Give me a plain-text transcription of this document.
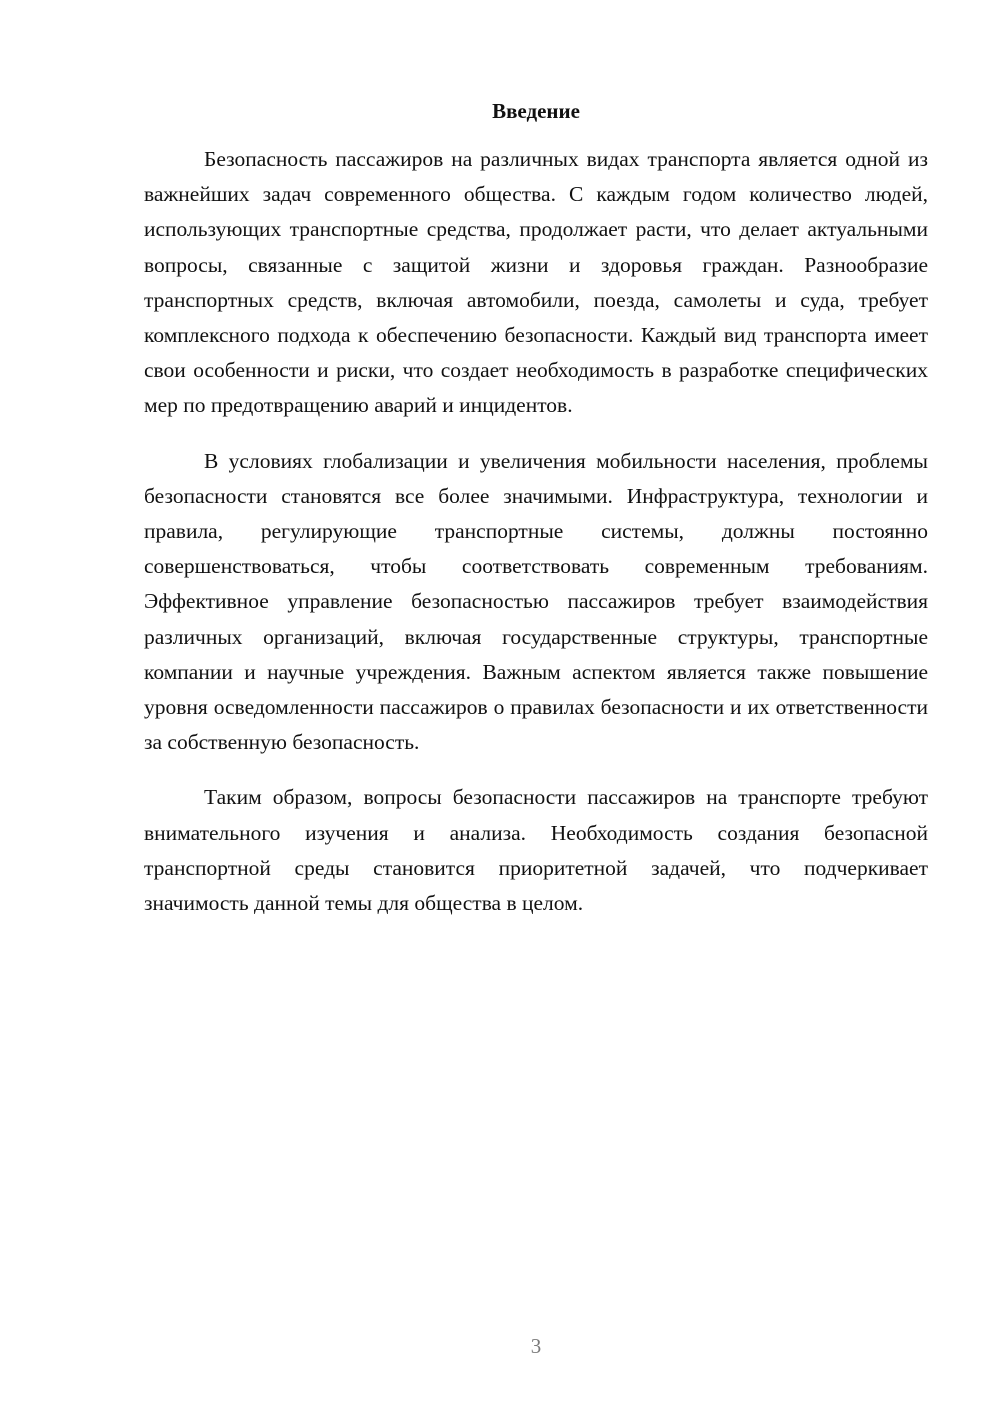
Введение

Безопасность пассажиров на различных видах транспорта является одной из важнейших задач современного общества. С каждым годом количество людей, использующих транспортные средства, продолжает расти, что делает актуальными вопросы, связанные с защитой жизни и здоровья граждан. Разнообразие транспортных средств, включая автомобили, поезда, самолеты и суда, требует комплексного подхода к обеспечению безопасности. Каждый вид транспорта имеет свои особенности и риски, что создает необходимость в разработке специфических мер по предотвращению аварий и инцидентов.

В условиях глобализации и увеличения мобильности населения, проблемы безопасности становятся все более значимыми. Инфраструктура, технологии и правила, регулирующие транспортные системы, должны постоянно совершенствоваться, чтобы соответствовать современным требованиям. Эффективное управление безопасностью пассажиров требует взаимодействия различных организаций, включая государственные структуры, транспортные компании и научные учреждения. Важным аспектом является также повышение уровня осведомленности пассажиров о правилах безопасности и их ответственности за собственную безопасность.

Таким образом, вопросы безопасности пассажиров на транспорте требуют внимательного изучения и анализа. Необходимость создания безопасной транспортной среды становится приоритетной задачей, что подчеркивает значимость данной темы для общества в целом.

3
